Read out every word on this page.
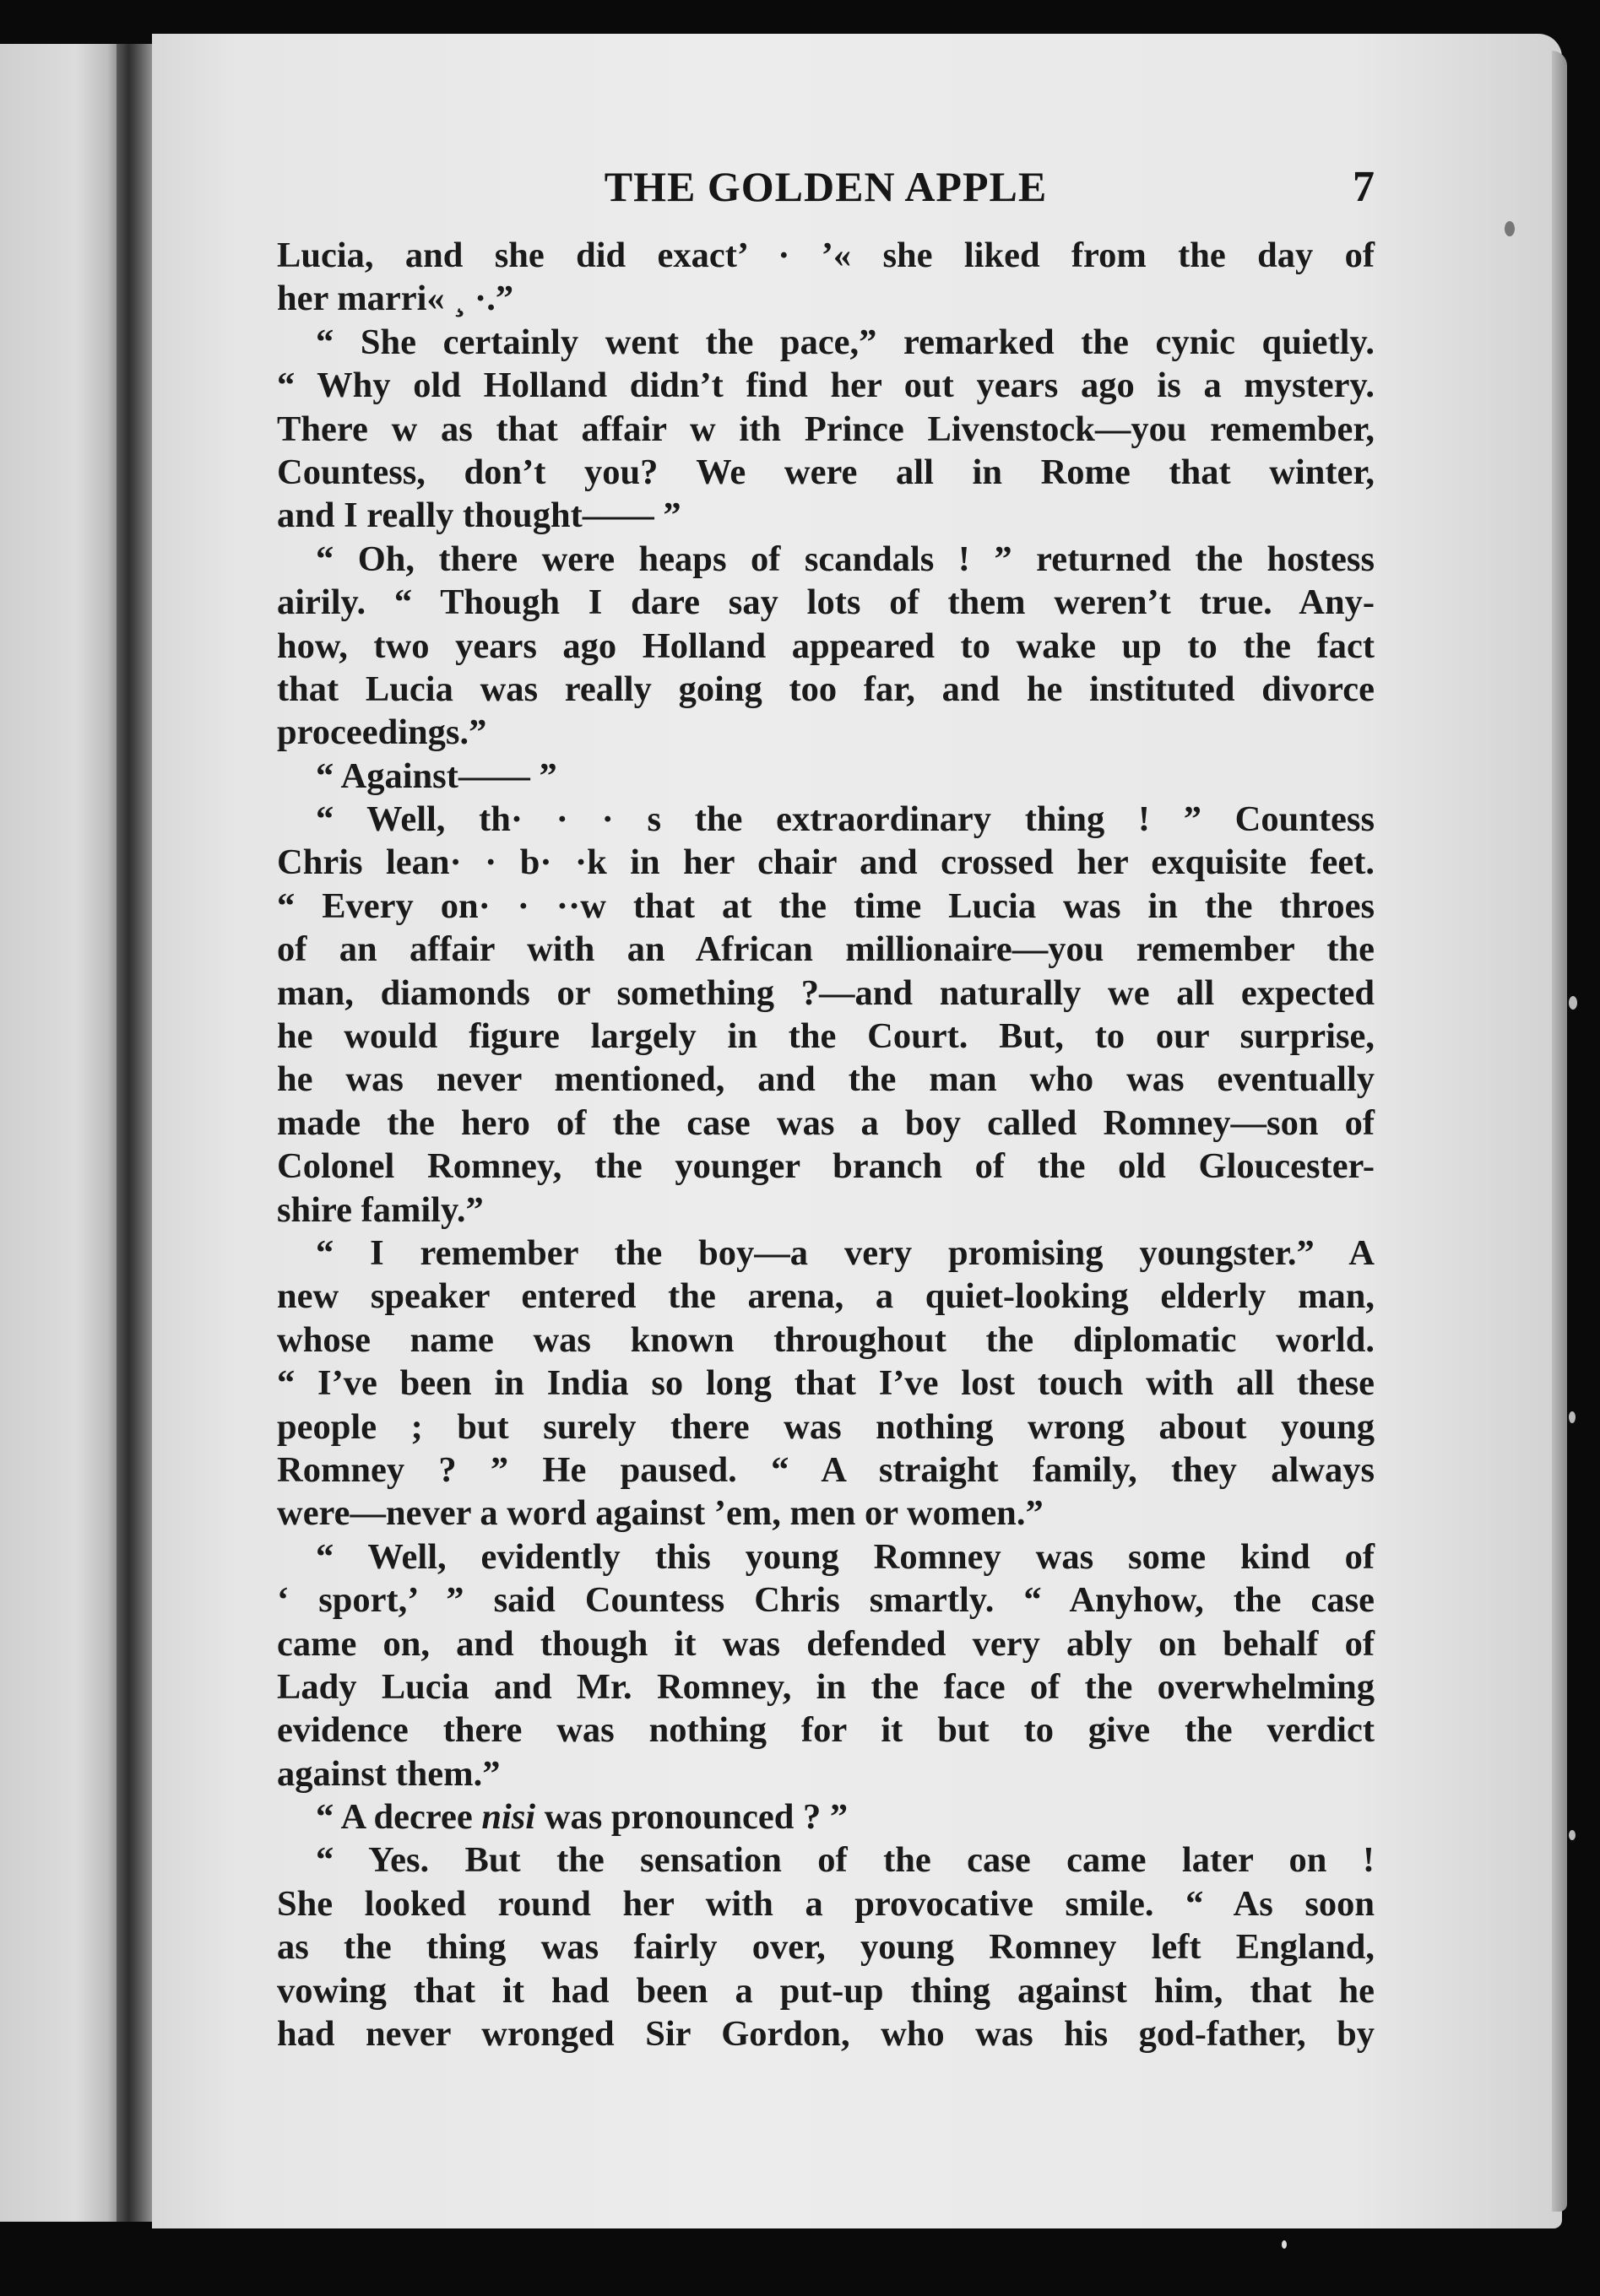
THE GOLDEN APPLE	7
Lucia, and she did exact’ · ’« she liked from the day of
her marri« ¸ ·.”
“ She certainly went the pace,” remarked the cynic quietly.
“ Why old Holland didn’t find her out years ago is a mystery.
There w as that affair w ith Prince Livenstock—you remember,
Countess, don’t you? We were all in Rome that winter,
and I really thought—— ”
“ Oh, there were heaps of scandals ! ” returned the hostess
airily. “ Though I dare say lots of them weren’t true. Any-
how, two years ago Holland appeared to wake up to the fact
that Lucia was really going too far, and he instituted divorce
proceedings.”
“ Against—— ”
“ Well, th· · · s the extraordinary thing ! ” Countess
Chris lean· · b· ·k in her chair and crossed her exquisite feet.
“ Every on· · ··w that at the time Lucia was in the throes
of an affair with an African millionaire—you remember the
man, diamonds or something ?—and naturally we all expected
he would figure largely in the Court. But, to our surprise,
he was never mentioned, and the man who was eventually
made the hero of the case was a boy called Romney—son of
Colonel Romney, the younger branch of the old Gloucester-
shire family.”
“ I remember the boy—a very promising youngster.” A
new speaker entered the arena, a quiet-looking elderly man,
whose name was known throughout the diplomatic world.
“ I’ve been in India so long that I’ve lost touch with all these
people ; but surely there was nothing wrong about young
Romney ? ” He paused. “ A straight family, they always
were—never a word against ’em, men or women.”
“ Well, evidently this young Romney was some kind of
‘ sport,’ ” said Countess Chris smartly. “ Anyhow, the case
came on, and though it was defended very ably on behalf of
Lady Lucia and Mr. Romney, in the face of the overwhelming
evidence there was nothing for it but to give the verdict
against them.”
“ A decree nisi was pronounced ? ”
“ Yes. But the sensation of the case came later on !
She looked round her with a provocative smile. “ As soon
as the thing was fairly over, young Romney left England,
vowing that it had been a put-up thing against him, that he
had never wronged Sir Gordon, who was his god-father, by
